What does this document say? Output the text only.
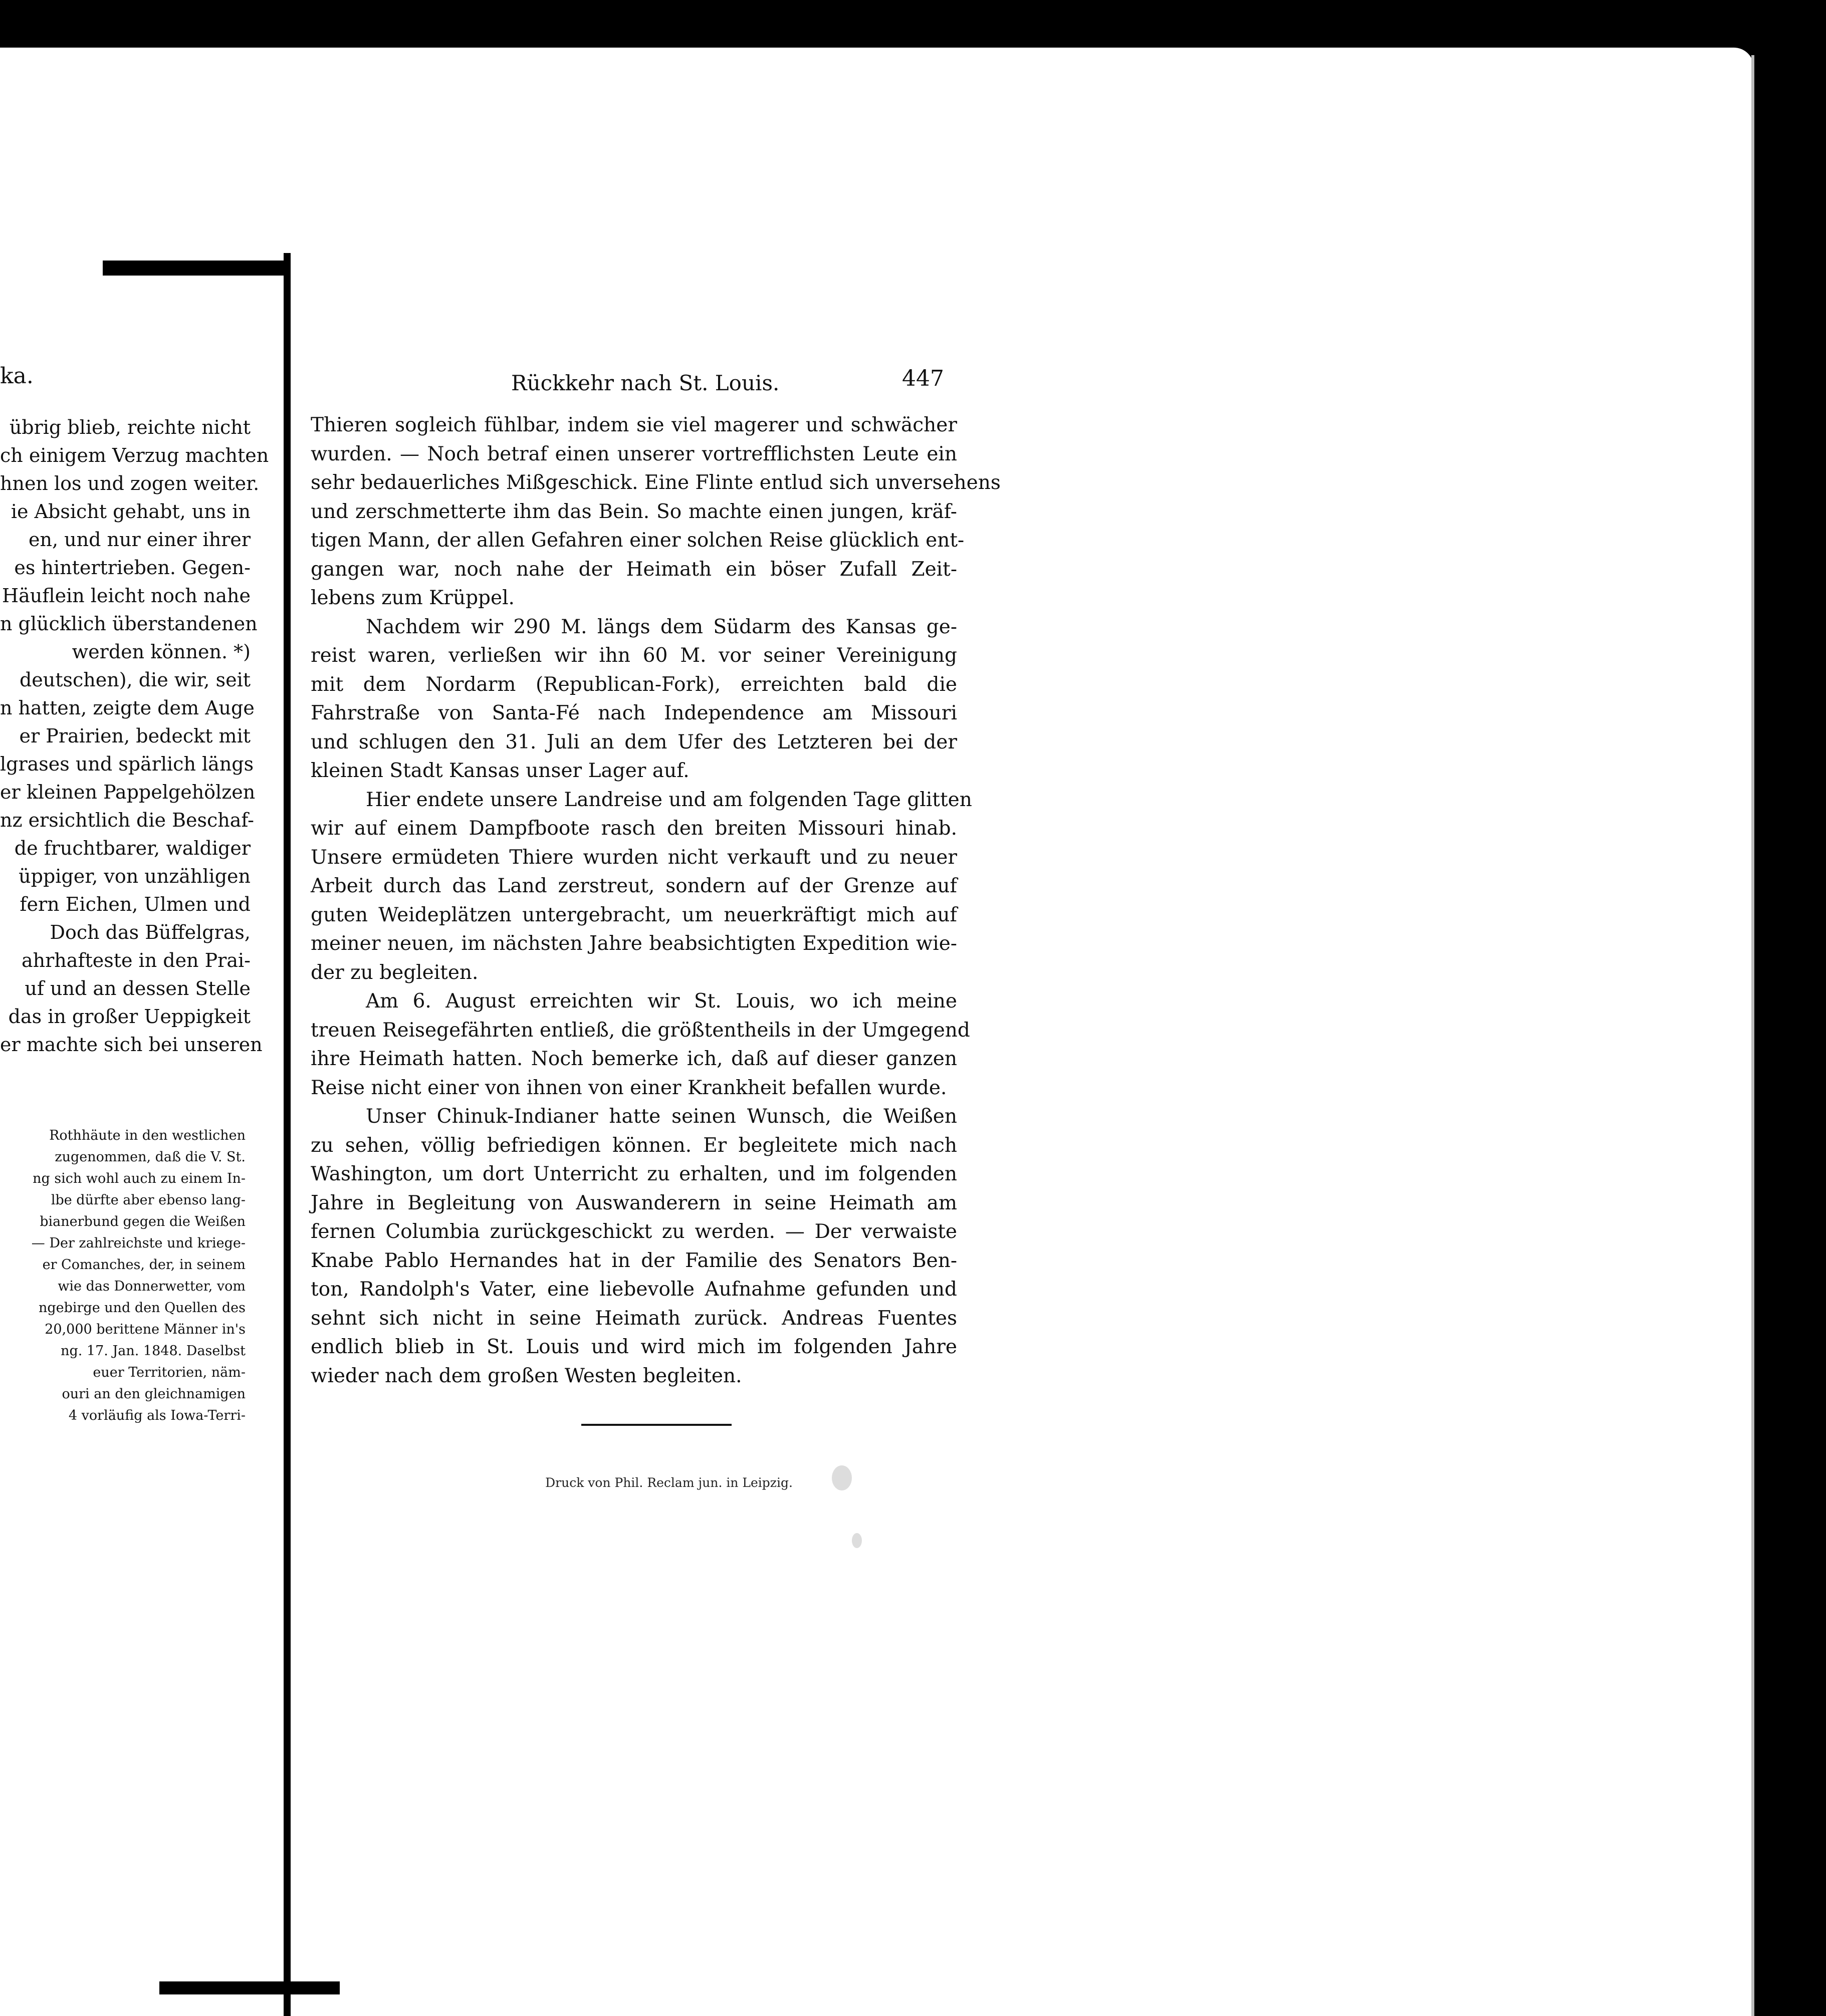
ka.
übrig blieb, reichte nicht
ch einigem Verzug machten
hnen los und zogen weiter.
ie Absicht gehabt, uns in
en, und nur einer ihrer
es hintertrieben. Gegen-
Häuflein leicht noch nahe
n glücklich überstandenen
werden können. *)
deutschen), die wir, seit
n hatten, zeigte dem Auge
er Prairien, bedeckt mit
lgrases und spärlich längs
er kleinen Pappelgehölzen
nz ersichtlich die Beschaf-
de fruchtbarer, waldiger
üppiger, von unzähligen
fern Eichen, Ulmen und
Doch das Büffelgras,
ahrhafteste in den Prai-
uf und an dessen Stelle
das in großer Ueppigkeit
er machte sich bei unseren
Rothhäute in den westlichen
zugenommen, daß die V. St.
ng sich wohl auch zu einem In-
lbe dürfte aber ebenso lang-
bianerbund gegen die Weißen
— Der zahlreichste und kriege-
er Comanches, der, in seinem
wie das Donnerwetter, vom
ngebirge und den Quellen des
20,000 berittene Männer in's
ng. 17. Jan. 1848. Daselbst
euer Territorien, näm-
ouri an den gleichnamigen
4 vorläufig als Iowa-Terri-
Rückkehr nach St. Louis.	447
Thieren sogleich fühlbar, indem sie viel magerer und schwächer
wurden. — Noch betraf einen unserer vortrefflichsten Leute ein
sehr bedauerliches Mißgeschick. Eine Flinte entlud sich unversehens
und zerschmetterte ihm das Bein. So machte einen jungen, kräf-
tigen Mann, der allen Gefahren einer solchen Reise glücklich ent-
gangen war, noch nahe der Heimath ein böser Zufall Zeit-
lebens zum Krüppel.
Nachdem wir 290 M. längs dem Südarm des Kansas ge-
reist waren, verließen wir ihn 60 M. vor seiner Vereinigung
mit dem Nordarm (Republican-Fork), erreichten bald die
Fahrstraße von Santa-Fé nach Independence am Missouri
und schlugen den 31. Juli an dem Ufer des Letzteren bei der
kleinen Stadt Kansas unser Lager auf.
Hier endete unsere Landreise und am folgenden Tage glitten
wir auf einem Dampfboote rasch den breiten Missouri hinab.
Unsere ermüdeten Thiere wurden nicht verkauft und zu neuer
Arbeit durch das Land zerstreut, sondern auf der Grenze auf
guten Weideplätzen untergebracht, um neuerkräftigt mich auf
meiner neuen, im nächsten Jahre beabsichtigten Expedition wie-
der zu begleiten.
Am 6. August erreichten wir St. Louis, wo ich meine
treuen Reisegefährten entließ, die größtentheils in der Umgegend
ihre Heimath hatten. Noch bemerke ich, daß auf dieser ganzen
Reise nicht einer von ihnen von einer Krankheit befallen wurde.
Unser Chinuk-Indianer hatte seinen Wunsch, die Weißen
zu sehen, völlig befriedigen können. Er begleitete mich nach
Washington, um dort Unterricht zu erhalten, und im folgenden
Jahre in Begleitung von Auswanderern in seine Heimath am
fernen Columbia zurückgeschickt zu werden. — Der verwaiste
Knabe Pablo Hernandes hat in der Familie des Senators Ben-
ton, Randolph's Vater, eine liebevolle Aufnahme gefunden und
sehnt sich nicht in seine Heimath zurück. Andreas Fuentes
endlich blieb in St. Louis und wird mich im folgenden Jahre
wieder nach dem großen Westen begleiten.
Druck von Phil. Reclam jun. in Leipzig.
